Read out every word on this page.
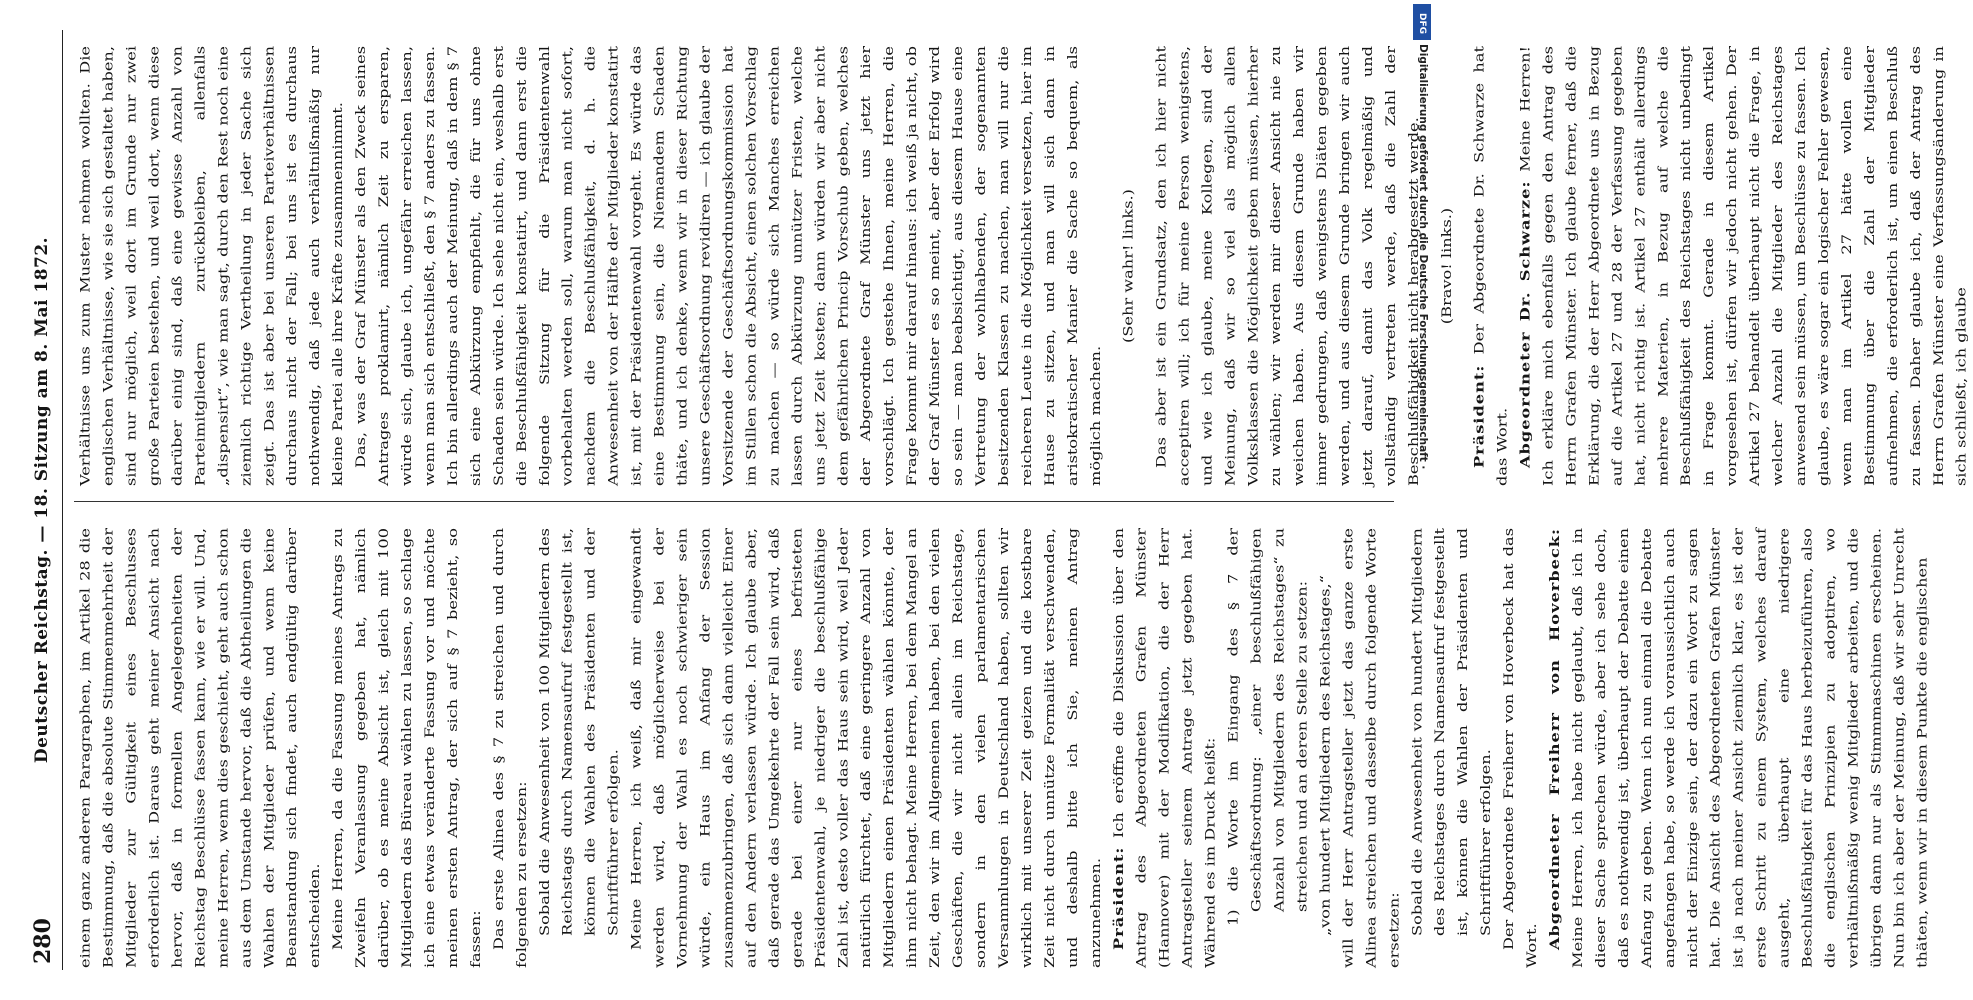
280
Deutscher Reichstag. — 18. Sitzung am 8. Mai 1872. einem ganz anderen Paragraphen, im Artikel 28 die Bestimmung, daß die absolute Stimmenmehrheit der Mitglieder zur Gültigkeit eines Beschlusses erforderlich ist. Daraus geht meiner Ansicht nach hervor, daß in formellen Angelegenheiten der Reichstag Beschlüsse fassen kann, wie er will. Und, meine Herren, wenn dies geschieht, geht auch schon aus dem Umstande hervor, daß die Abtheilungen die Wahlen der Mitglieder prüfen, und wenn keine Beanstandung sich findet, auch endgültig darüber entscheiden. Meine Herren, da die Fassung meines Antrags zu Zweifeln Veranlassung gegeben hat, nämlich darüber, ob es meine Absicht ist, gleich mit 100 Mitgliedern das Büreau wählen zu lassen, so schlage ich eine etwas veränderte Fassung vor und möchte meinen ersten Antrag, der sich auf § 7 bezieht, so fassen: Das erste Alinea des § 7 zu streichen und durch folgenden zu ersetzen: Sobald die Anwesenheit von 100 Mitgliedern des Reichstags durch Namensaufruf festgestellt ist, können die Wahlen des Präsidenten und der Schriftführer erfolgen. Meine Herren, ich weiß, daß mir eingewandt werden wird, daß möglicherweise bei der Vornehmung der Wahl es noch schwieriger sein würde, ein Haus im Anfang der Session zusammenzubringen, daß sich dann vielleicht Einer auf den Andern verlassen würde. Ich glaube aber, daß gerade das Umgekehrte der Fall sein wird, daß gerade bei einer nur eines befristeten Präsidentenwahl, je niedriger die beschlußfähige Zahl ist, desto voller das Haus sein wird, weil Jeder natürlich fürchtet, daß eine geringere Anzahl von Mitgliedern einen Präsidenten wählen könnte, der ihm nicht behagt. Meine Herren, bei dem Mangel an Zeit, den wir im Allgemeinen haben, bei den vielen Geschäften, die wir nicht allein im Reichstage, sondern in den vielen parlamentarischen Versammlungen in Deutschland haben, sollten wir wirklich mit unserer Zeit geizen und die kostbare Zeit nicht durch unnütze Formalität verschwenden, und deshalb bitte ich Sie, meinen Antrag anzunehmen. Präsident: Ich eröffne die Diskussion über den Antrag des Abgeordneten Grafen Münster (Hannover) mit der Modifikation, die der Herr Antragsteller seinem Antrage jetzt gegeben hat. Während es im Druck heißt: 1) die Worte im Eingang des § 7 der Geschäftsordnung: „einer beschlußfähigen Anzahl von Mitgliedern des Reichstages“ zu streichen und an deren Stelle zu setzen: „von hundert Mitgliedern des Reichstages,“ will der Herr Antragsteller jetzt das ganze erste Alinea streichen und dasselbe durch folgende Worte ersetzen: Sobald die Anwesenheit von hundert Mitgliedern des Reichstages durch Namensaufruf festgestellt ist, können die Wahlen der Präsidenten und Schriftführer erfolgen. Der Abgeordnete Freiherr von Hoverbeck hat das Wort. Abgeordneter Freiherr von Hoverbeck: Meine Herren, ich habe nicht geglaubt, daß ich in dieser Sache sprechen würde, aber ich sehe doch, daß es nothwendig ist, überhaupt der Debatte einen Anfang zu geben. Wenn ich nun einmal die Debatte angefangen habe, so werde ich voraussichtlich auch nicht der Einzige sein, der dazu ein Wort zu sagen hat. Die Ansicht des Abgeordneten Grafen Münster ist ja nach meiner Ansicht ziemlich klar, es ist der erste Schritt zu einem System, welches darauf ausgeht, überhaupt eine niedrigere Beschlußfähigkeit für das Haus herbeizuführen, also die englischen Prinzipien zu adoptiren, wo verhältnißmäßig wenig Mitglieder arbeiten, und die übrigen dann nur als Stimmmaschinen erscheinen. Nun bin ich aber der Meinung, daß wir sehr Unrecht thäten, wenn wir in diesem Punkte die englischen

Verhältnisse uns zum Muster nehmen wollten. Die englischen Verhältnisse, wie sie sich gestaltet haben, sind nur möglich, weil dort im Grunde nur zwei große Parteien bestehen, und weil dort, wenn diese darüber einig sind, daß eine gewisse Anzahl von Parteimitgliedern zurückbleiben, allenfalls „dispensirt“, wie man sagt, durch den Rest noch eine ziemlich richtige Vertheilung in jeder Sache sich zeigt. Das ist aber bei unseren Parteiverhältnissen durchaus nicht der Fall; bei uns ist es durchaus nothwendig, daß jede auch verhältnißmäßig nur kleine Partei alle ihre Kräfte zusammennimmt. Das, was der Graf Münster als den Zweck seines Antrages proklamirt, nämlich Zeit zu ersparen, würde sich, glaube ich, ungefähr erreichen lassen, wenn man sich entschließt, den § 7 anders zu fassen. Ich bin allerdings auch der Meinung, daß in dem § 7 sich eine Abkürzung empfiehlt, die für uns ohne Schaden sein würde. Ich sehe nicht ein, weshalb erst die Beschlußfähigkeit konstatirt, und dann erst die folgende Sitzung für die Präsidentenwahl vorbehalten werden soll, warum man nicht sofort, nachdem die Beschlußfähigkeit, d. h. die Anwesenheit von der Hälfte der Mitglieder konstatirt ist, mit der Präsidentenwahl vorgeht. Es würde das eine Bestimmung sein, die Niemandem Schaden thäte, und ich denke, wenn wir in dieser Richtung unsere Geschäftsordnung revidiren — ich glaube der Vorsitzende der Geschäftsordnungskommission hat im Stillen schon die Absicht, einen solchen Vorschlag zu machen — so würde sich Manches erreichen lassen durch Abkürzung unnützer Fristen, welche uns jetzt Zeit kosten; dann würden wir aber nicht dem gefährlichen Princip Vorschub geben, welches der Abgeordnete Graf Münster uns jetzt hier vorschlägt. Ich gestehe Ihnen, meine Herren, die Frage kommt mir darauf hinaus: ich weiß ja nicht, ob der Graf Münster es so meint, aber der Erfolg wird so sein — man beabsichtigt, aus diesem Hause eine Vertretung der wohlhabenden, der sogenannten besitzenden Klassen zu machen, man will nur die reicheren Leute in die Möglichkeit versetzen, hier im Hause zu sitzen, und man will sich dann in aristokratischer Manier die Sache so bequem, als möglich machen.

(Sehr wahr! links.) Das aber ist ein Grundsatz, den ich hier nicht acceptiren will; ich für meine Person wenigstens, und wie ich glaube, meine Kollegen, sind der Meinung, daß wir so viel als möglich allen Volksklassen die Möglichkeit geben müssen, hierher zu wählen; wir werden mir dieser Ansicht nie zu weichen haben. Aus diesem Grunde haben wir immer gedrungen, daß wenigstens Diäten gegeben werden, und aus diesem Grunde bringen wir auch jetzt darauf, damit das Volk regelmäßig und vollständig vertreten werde, daß die Zahl der Beschlußfähigkeit nicht herabgesetzt werde. (Bravo! links.)

Präsident: Der Abgeordnete Dr. Schwarze hat das Wort. Abgeordneter Dr. Schwarze: Meine Herren! Ich erkläre mich ebenfalls gegen den Antrag des Herrn Grafen Münster. Ich glaube ferner, daß die Erklärung, die der Herr Abgeordnete uns in Bezug auf die Artikel 27 und 28 der Verfassung gegeben hat, nicht richtig ist. Artikel 27 enthält allerdings mehrere Materien, in Bezug auf welche die Beschlußfähigkeit des Reichstages nicht unbedingt in Frage kommt. Gerade in diesem Artikel vorgesehen ist, dürfen wir jedoch nicht gehen. Der Artikel 27 behandelt überhaupt nicht die Frage, in welcher Anzahl die Mitglieder des Reichstages anwesend sein müssen, um Beschlüsse zu fassen. Ich glaube, es wäre sogar ein logischer Fehler gewesen, wenn man im Artikel 27 hätte wollen eine Bestimmung über die Zahl der Mitglieder aufnehmen, die erforderlich ist, um einen Beschluß zu fassen. Daher glaube ich, daß der Antrag des Herrn Grafen Münster eine Verfassungsänderung in sich schließt, ich glaube

DFG
Digitalisierung gefördert durch die Deutsche Forschungsgemeinschaft ·
